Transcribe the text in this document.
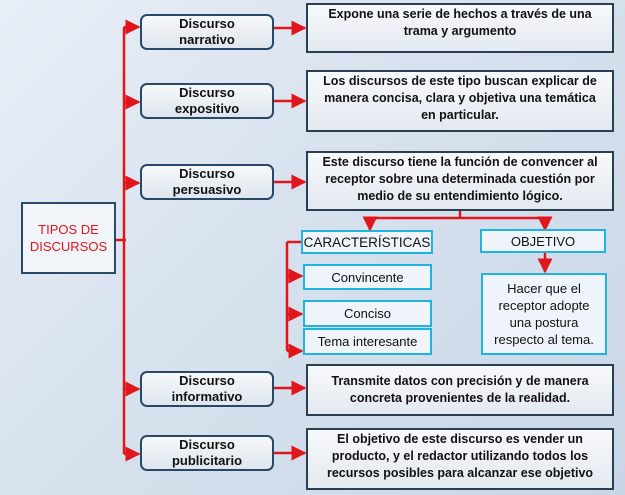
TIPOS DE
DISCURSOS
Discurso
narrativo
Discurso
expositivo
Discurso
persuasivo
Discurso
informativo
Discurso
publicitario
Expone una serie de hechos a través de una
trama y argumento
Los discursos de este tipo buscan explicar de
manera concisa, clara y objetiva una temática
en particular.
Este discurso tiene la función de convencer al
receptor sobre una determinada cuestión por
medio de su entendimiento lógico.
Transmite datos con precisión y de manera
concreta provenientes de la realidad.
El objetivo de este discurso es vender un
producto, y el redactor utilizando todos los
recursos posibles para alcanzar ese objetivo
CARACTERÍSTICAS
Convincente
Conciso
Tema interesante
OBJETIVO
Hacer que el
receptor adopte
una postura
respecto al tema.
